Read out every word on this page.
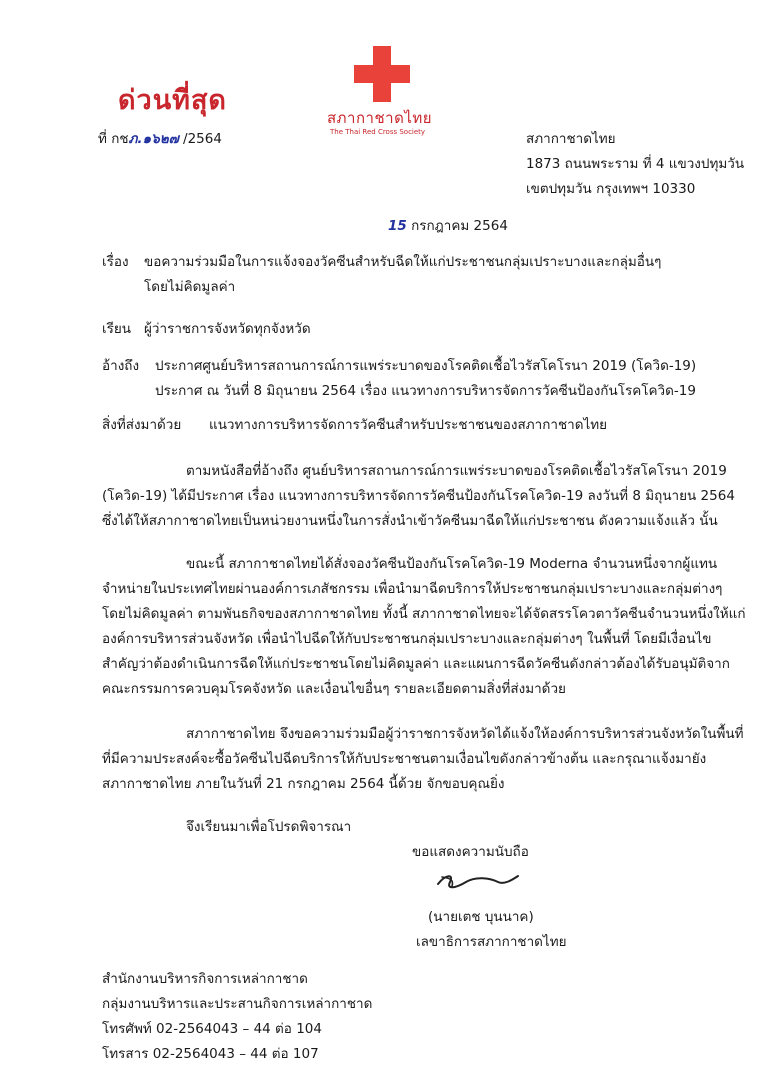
ด่วนที่สุด
ที่ กชภ.๑๖๒๗ /2564
สภากาชาดไทย
The Thai Red Cross Society	สภากาชาดไทย
1873 ถนนพระราม ที่ 4 แขวงปทุมวัน
เขตปทุมวัน กรุงเทพฯ 10330
15 กรกฎาคม 2564
เรื่อง ขอความร่วมมือในการแจ้งจองวัคซีนสำหรับฉีดให้แก่ประชาชนกลุ่มเปราะบางและกลุ่มอื่นๆ
โดยไม่คิดมูลค่า
เรียน ผู้ว่าราชการจังหวัดทุกจังหวัด
อ้างถึง ประกาศศูนย์บริหารสถานการณ์การแพร่ระบาดของโรคติดเชื้อไวรัสโคโรนา 2019 (โควิด-19)
ประกาศ ณ วันที่ 8 มิถุนายน 2564 เรื่อง แนวทางการบริหารจัดการวัคซีนป้องกันโรคโควิด-19
สิ่งที่ส่งมาด้วย แนวทางการบริหารจัดการวัคซีนสำหรับประชาชนของสภากาชาดไทย
ตามหนังสือที่อ้างถึง ศูนย์บริหารสถานการณ์การแพร่ระบาดของโรคติดเชื้อไวรัสโคโรนา 2019
(โควิด-19) ได้มีประกาศ เรื่อง แนวทางการบริหารจัดการวัคซีนป้องกันโรคโควิด-19 ลงวันที่ 8 มิถุนายน 2564
ซึ่งได้ให้สภากาชาดไทยเป็นหน่วยงานหนึ่งในการสั่งนำเข้าวัคซีนมาฉีดให้แก่ประชาชน ดังความแจ้งแล้ว นั้น
ขณะนี้ สภากาชาดไทยได้สั่งจองวัคซีนป้องกันโรคโควิด-19 Moderna จำนวนหนึ่งจากผู้แทน
จำหน่ายในประเทศไทยผ่านองค์การเภสัชกรรม เพื่อนำมาฉีดบริการให้ประชาชนกลุ่มเปราะบางและกลุ่มต่างๆ
โดยไม่คิดมูลค่า ตามพันธกิจของสภากาชาดไทย ทั้งนี้ สภากาชาดไทยจะได้จัดสรรโควตาวัคซีนจำนวนหนึ่งให้แก่
องค์การบริหารส่วนจังหวัด เพื่อนำไปฉีดให้กับประชาชนกลุ่มเปราะบางและกลุ่มต่างๆ ในพื้นที่ โดยมีเงื่อนไข
สำคัญว่าต้องดำเนินการฉีดให้แก่ประชาชนโดยไม่คิดมูลค่า และแผนการฉีดวัคซีนดังกล่าวต้องได้รับอนุมัติจาก
คณะกรรมการควบคุมโรคจังหวัด และเงื่อนไขอื่นๆ รายละเอียดตามสิ่งที่ส่งมาด้วย
สภากาชาดไทย จึงขอความร่วมมือผู้ว่าราชการจังหวัดได้แจ้งให้องค์การบริหารส่วนจังหวัดในพื้นที่
ที่มีความประสงค์จะซื้อวัคซีนไปฉีดบริการให้กับประชาชนตามเงื่อนไขดังกล่าวข้างต้น และกรุณาแจ้งมายัง
สภากาชาดไทย ภายในวันที่ 21 กรกฎาคม 2564 นี้ด้วย จักขอบคุณยิ่ง
จึงเรียนมาเพื่อโปรดพิจารณา
ขอแสดงความนับถือ
(นายเตช บุนนาค)
เลขาธิการสภากาชาดไทย
สำนักงานบริหารกิจการเหล่ากาชาด
กลุ่มงานบริหารและประสานกิจการเหล่ากาชาด
โทรศัพท์ 02-2564043 – 44 ต่อ 104
โทรสาร 02-2564043 – 44 ต่อ 107
